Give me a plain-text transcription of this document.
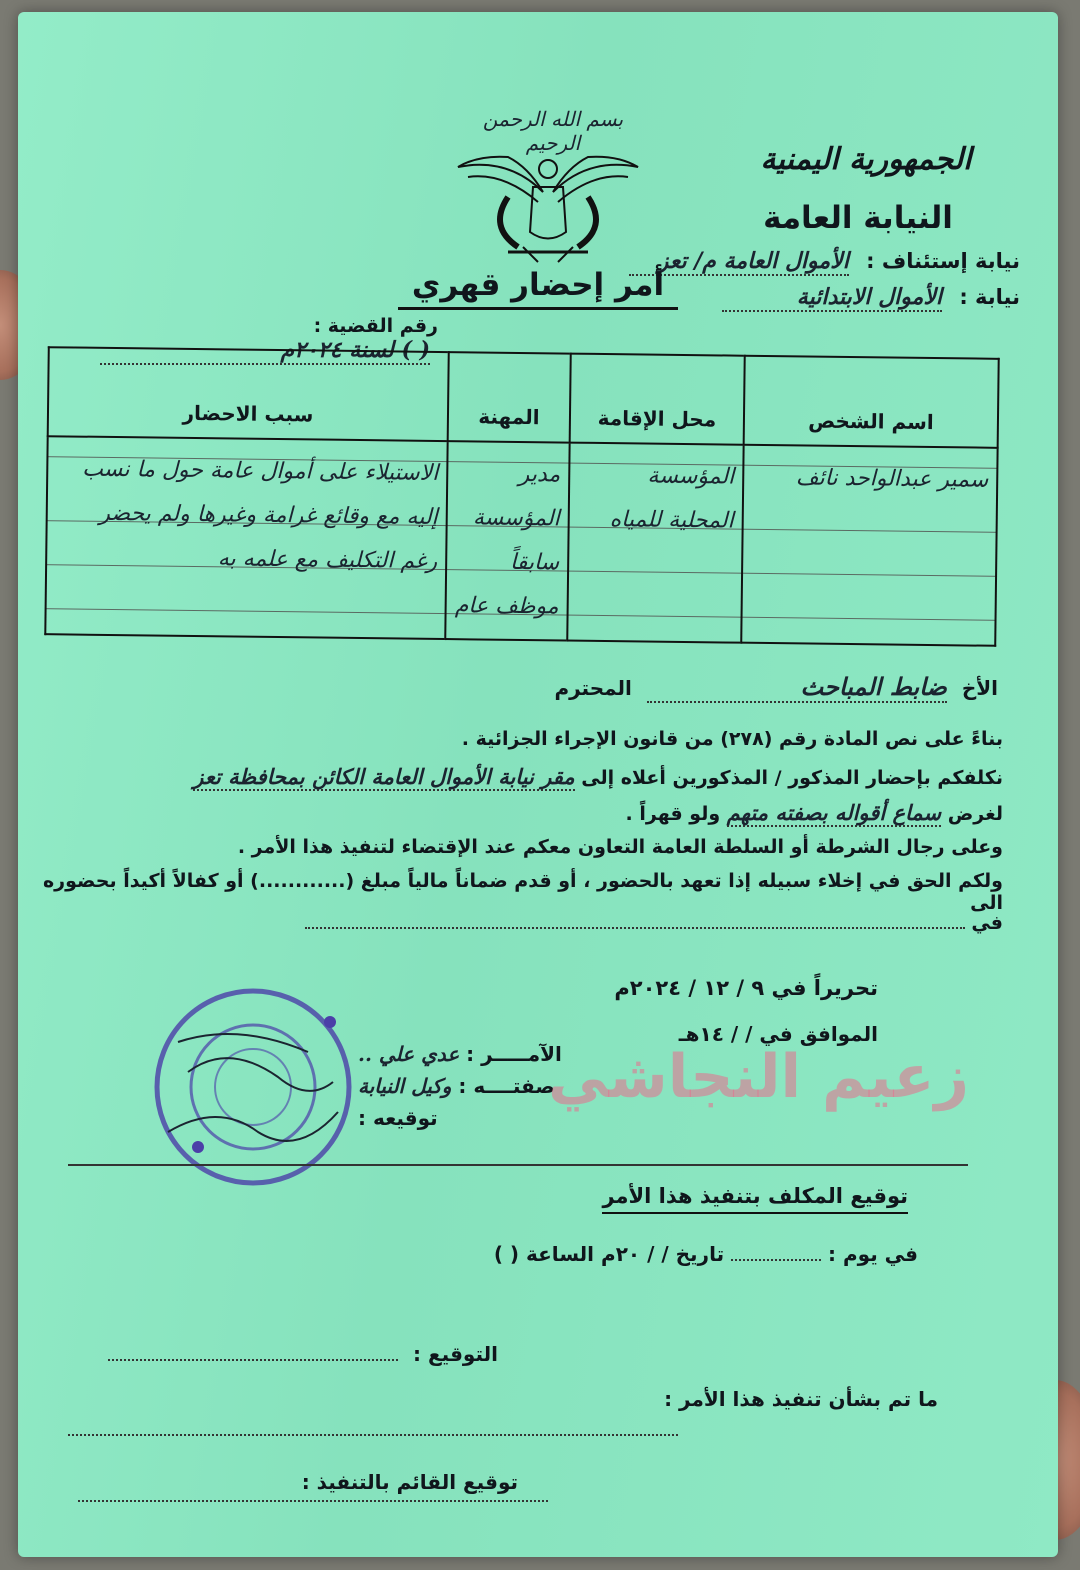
بسم الله الرحمن الرحيم	الجمهورية اليمنية
النيابة العامة
نيابة إستئناف : الأموال العامة م/ تعز
نيابة : الأموال الابتدائية
أمر إحضار قهري
رقم القضية : ( ) لسنة ٢٠٢٤م
اسم الشخص	محل الإقامة	المهنة	سبب الاحضار
سمير عبدالواحد نائف	المؤسسة المحلية للمياه	مدير المؤسسة سابقاً موظف عام	الاستيلاء على أموال عامة حول ما نسب إليه مع وقائع غرامة وغيرها ولم يحضر رغم التكليف مع علمه به
الأخ ضابط المباحث المحترم
بناءً على نص المادة رقم (٢٧٨) من قانون الإجراء الجزائية .
نكلفكم بإحضار المذكور / المذكورين أعلاه إلى مقر نيابة الأموال العامة الكائن بمحافظة تعز
لغرض سماع أقواله بصفته متهم ولو قهراً .
وعلى رجال الشرطة أو السلطة العامة التعاون معكم عند الإقتضاء لتنفيذ هذا الأمر .
ولكم الحق في إخلاء سبيله إذا تعهد بالحضور ، أو قدم ضماناً مالياً مبلغ (............) أو كفالاً أكيداً بحضوره الى
في
تحريراً في ٩ / ١٢ / ٢٠٢٤م
الموافق في / / ١٤هـ
الآمـــــر : عدي علي ..
صفتــــه : وكيل النيابة
توقيعه :
زعيم النجاشي
توقيع المكلف بتنفيذ هذا الأمر
في يوم :  تاريخ / / ٢٠م الساعة ( )
التوقيع :
ما تم بشأن تنفيذ هذا الأمر :
توقيع القائم بالتنفيذ :
